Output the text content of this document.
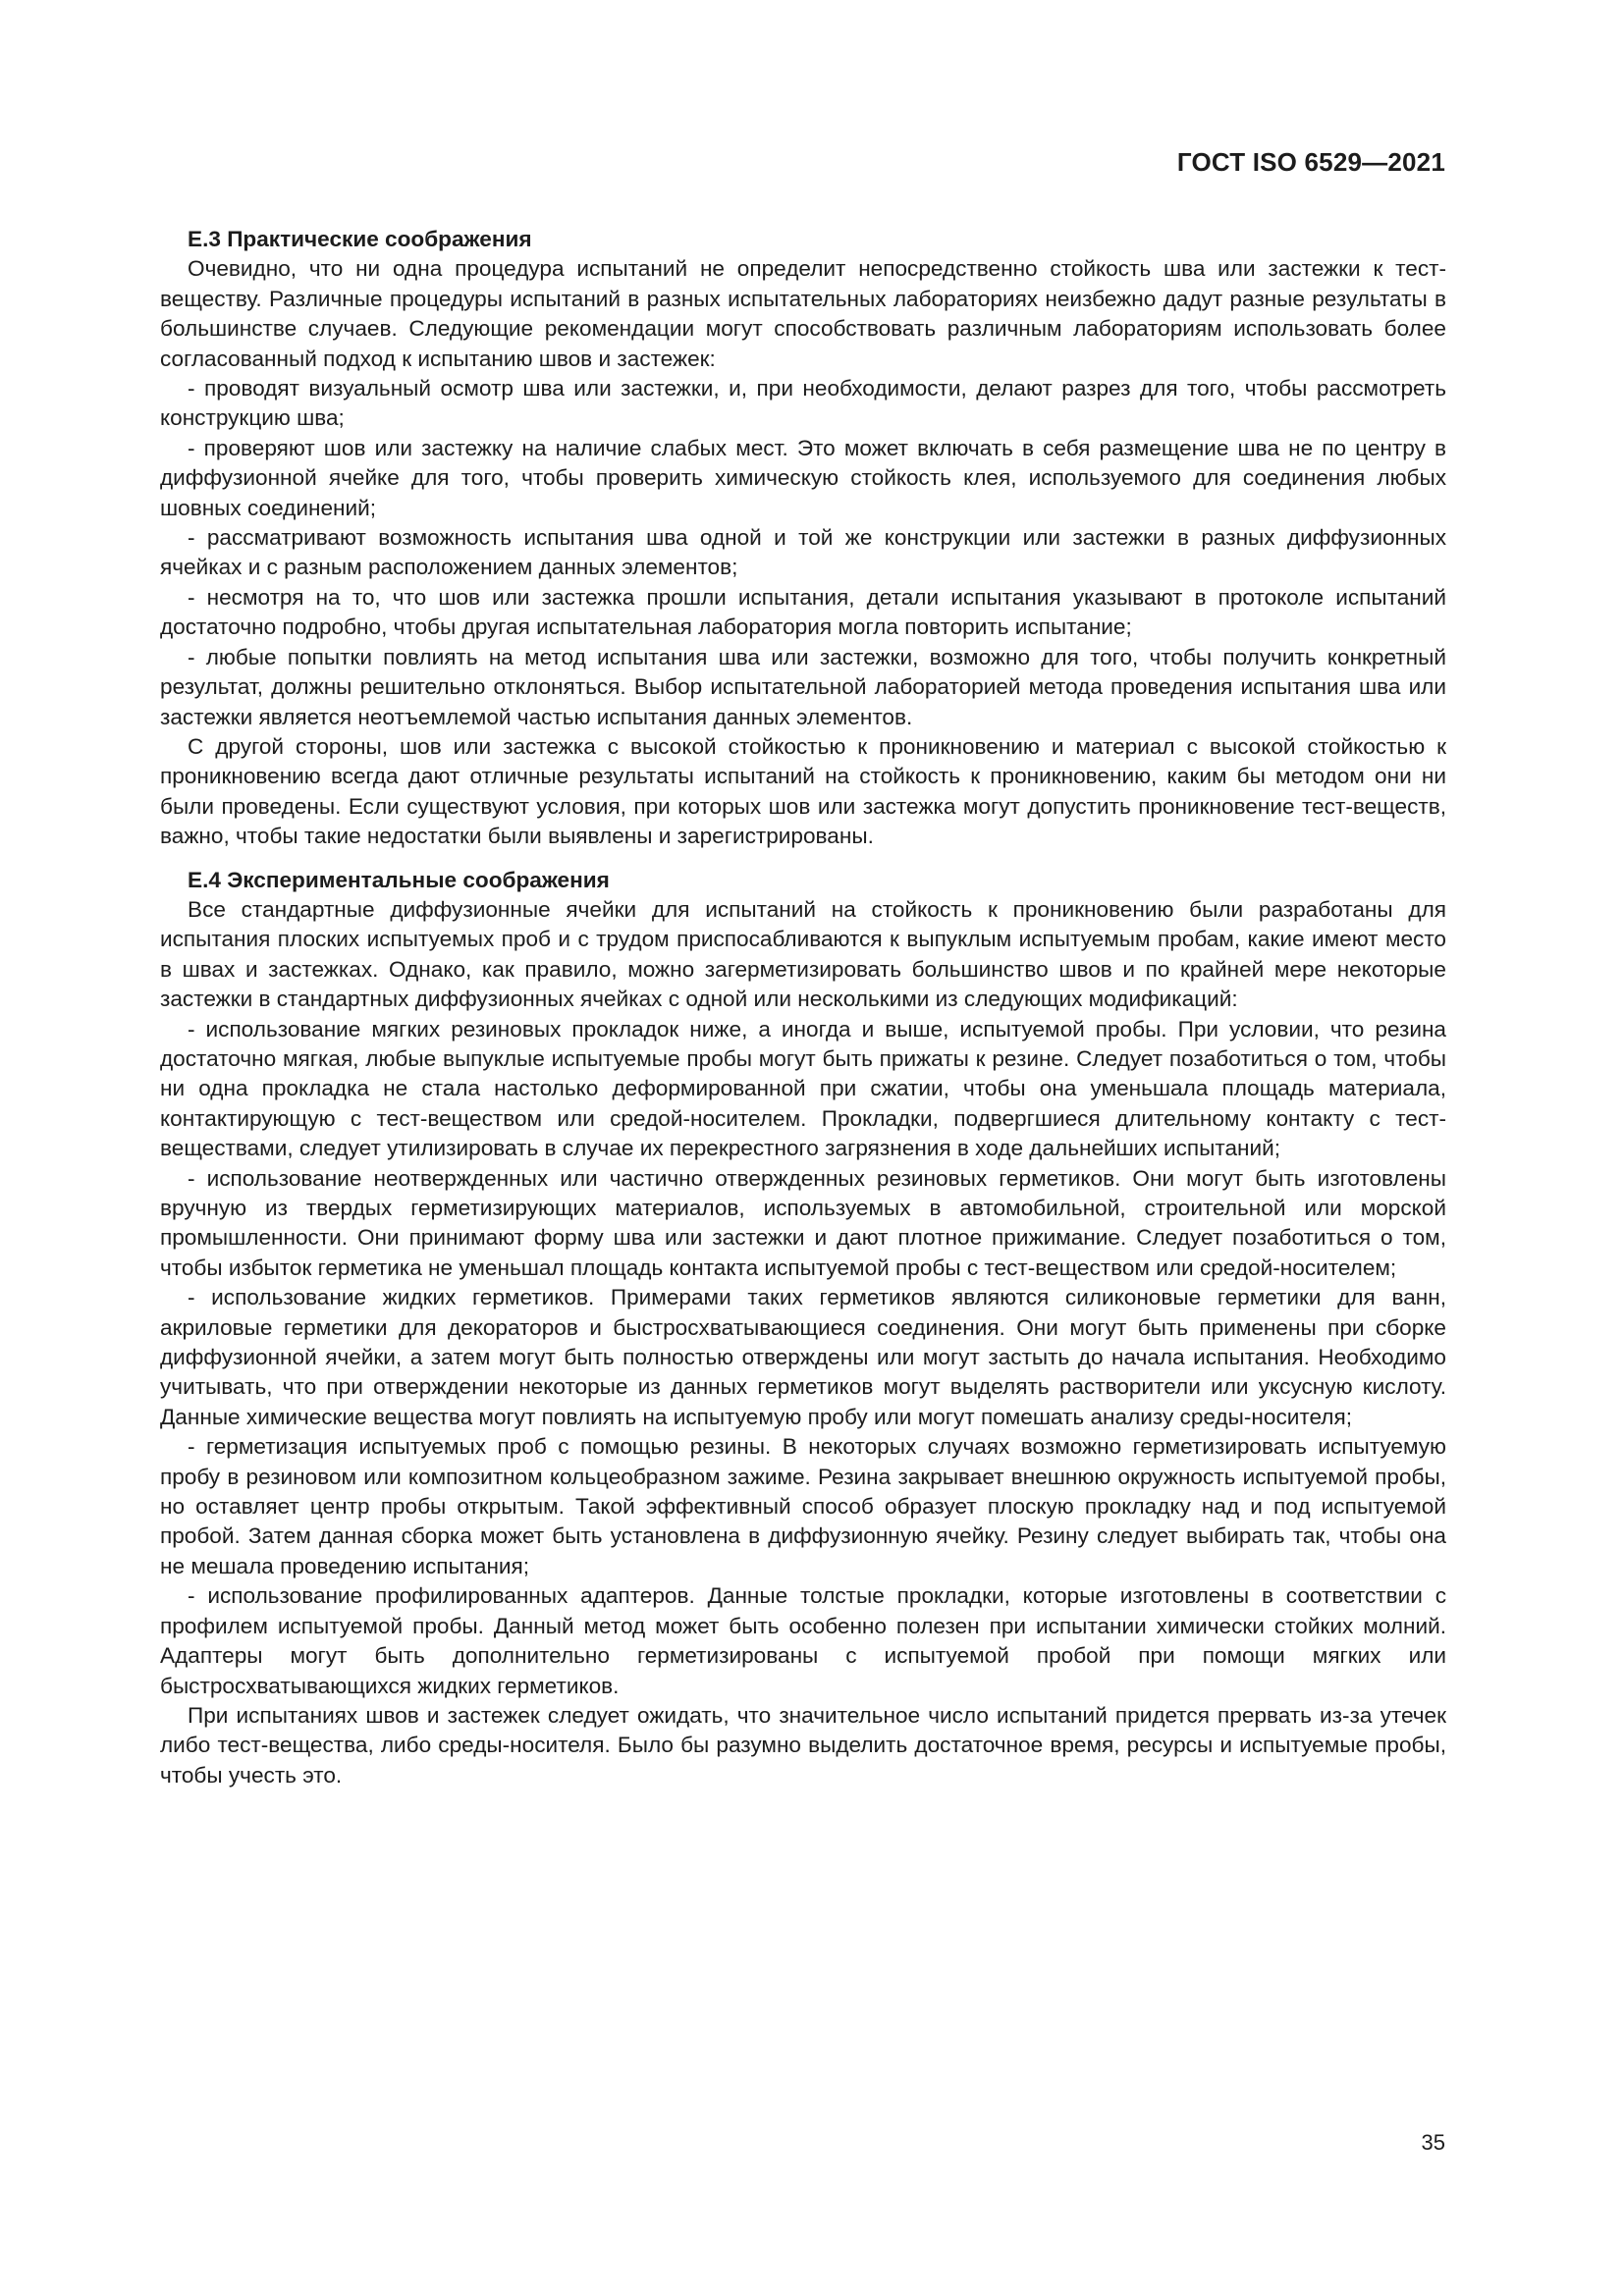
ГОСТ ISO 6529—2021
Е.3 Практические соображения

Очевидно, что ни одна процедура испытаний не определит непосредственно стойкость шва или застежки к тест-веществу. Различные процедуры испытаний в разных испытательных лабораториях неизбежно дадут разные результаты в большинстве случаев. Следующие рекомендации могут способствовать различным лабораториям использовать более согласованный подход к испытанию швов и застежек:

- проводят визуальный осмотр шва или застежки, и, при необходимости, делают разрез для того, чтобы рассмотреть конструкцию шва;

- проверяют шов или застежку на наличие слабых мест. Это может включать в себя размещение шва не по центру в диффузионной ячейке для того, чтобы проверить химическую стойкость клея, используемого для соединения любых шовных соединений;

- рассматривают возможность испытания шва одной и той же конструкции или застежки в разных диффузионных ячейках и с разным расположением данных элементов;

- несмотря на то, что шов или застежка прошли испытания, детали испытания указывают в протоколе испытаний достаточно подробно, чтобы другая испытательная лаборатория могла повторить испытание;

- любые попытки повлиять на метод испытания шва или застежки, возможно для того, чтобы получить конкретный результат, должны решительно отклоняться. Выбор испытательной лабораторией метода проведения испытания шва или застежки является неотъемлемой частью испытания данных элементов.

С другой стороны, шов или застежка с высокой стойкостью к проникновению и материал с высокой стойкостью к проникновению всегда дают отличные результаты испытаний на стойкость к проникновению, каким бы методом они ни были проведены. Если существуют условия, при которых шов или застежка могут допустить проникновение тест-веществ, важно, чтобы такие недостатки были выявлены и зарегистрированы.

Е.4 Экспериментальные соображения

Все стандартные диффузионные ячейки для испытаний на стойкость к проникновению были разработаны для испытания плоских испытуемых проб и с трудом приспосабливаются к выпуклым испытуемым пробам, какие имеют место в швах и застежках. Однако, как правило, можно загерметизировать большинство швов и по крайней мере некоторые застежки в стандартных диффузионных ячейках с одной или несколькими из следующих модификаций:

- использование мягких резиновых прокладок ниже, а иногда и выше, испытуемой пробы. При условии, что резина достаточно мягкая, любые выпуклые испытуемые пробы могут быть прижаты к резине. Следует позаботиться о том, чтобы ни одна прокладка не стала настолько деформированной при сжатии, чтобы она уменьшала площадь материала, контактирующую с тест-веществом или средой-носителем. Прокладки, подвергшиеся длительному контакту с тест-веществами, следует утилизировать в случае их перекрестного загрязнения в ходе дальнейших испытаний;

- использование неотвержденных или частично отвержденных резиновых герметиков. Они могут быть изготовлены вручную из твердых герметизирующих материалов, используемых в автомобильной, строительной или морской промышленности. Они принимают форму шва или застежки и дают плотное прижимание. Следует позаботиться о том, чтобы избыток герметика не уменьшал площадь контакта испытуемой пробы с тест-веществом или средой-носителем;

- использование жидких герметиков. Примерами таких герметиков являются силиконовые герметики для ванн, акриловые герметики для декораторов и быстросхватывающиеся соединения. Они могут быть применены при сборке диффузионной ячейки, а затем могут быть полностью отверждены или могут застыть до начала испытания. Необходимо учитывать, что при отверждении некоторые из данных герметиков могут выделять растворители или уксусную кислоту. Данные химические вещества могут повлиять на испытуемую пробу или могут помешать анализу среды-носителя;

- герметизация испытуемых проб с помощью резины. В некоторых случаях возможно герметизировать испытуемую пробу в резиновом или композитном кольцеобразном зажиме. Резина закрывает внешнюю окружность испытуемой пробы, но оставляет центр пробы открытым. Такой эффективный способ образует плоскую прокладку над и под испытуемой пробой. Затем данная сборка может быть установлена в диффузионную ячейку. Резину следует выбирать так, чтобы она не мешала проведению испытания;

- использование профилированных адаптеров. Данные толстые прокладки, которые изготовлены в соответствии с профилем испытуемой пробы. Данный метод может быть особенно полезен при испытании химически стойких молний. Адаптеры могут быть дополнительно герметизированы с испытуемой пробой при помощи мягких или быстросхватывающихся жидких герметиков.

При испытаниях швов и застежек следует ожидать, что значительное число испытаний придется прервать из-за утечек либо тест-вещества, либо среды-носителя. Было бы разумно выделить достаточное время, ресурсы и испытуемые пробы, чтобы учесть это.

35
